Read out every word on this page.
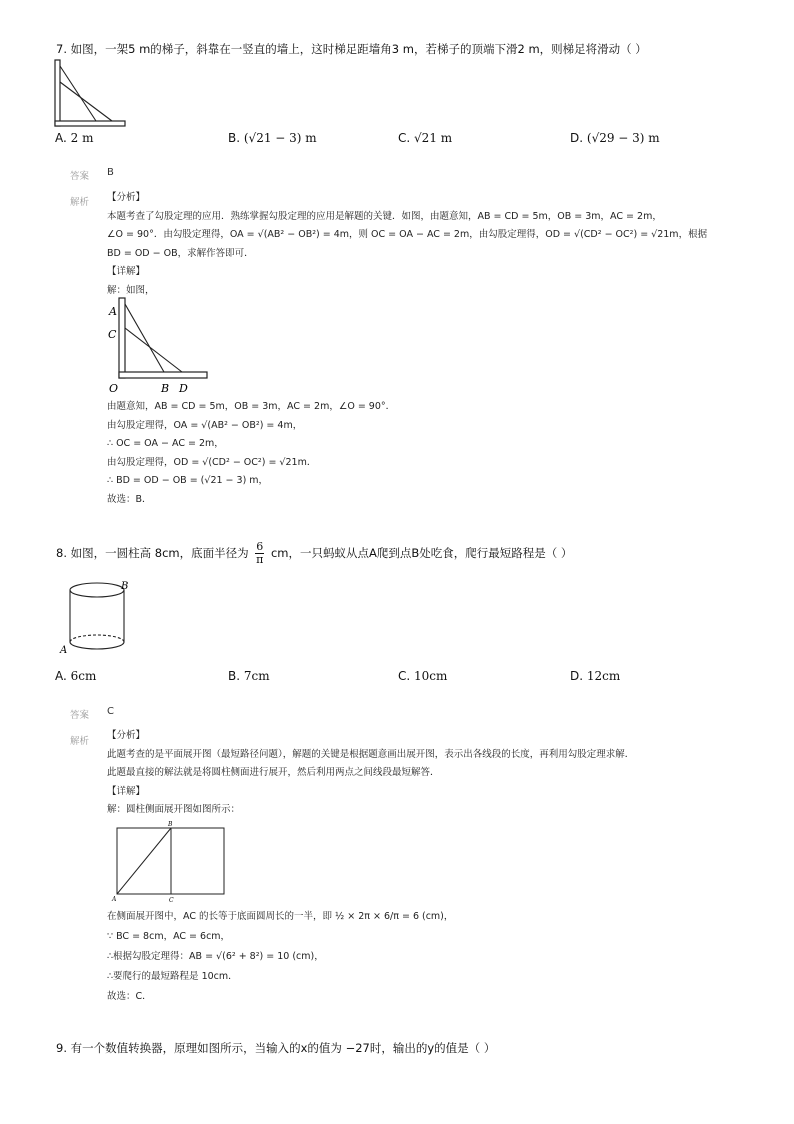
7. 如图，一架5 m的梯子，斜靠在一竖直的墙上，这时梯足距墙角3 m，若梯子的顶端下滑2 m，则梯足将滑动（ ）
A. 2 m	B. (√21 − 3) m	C. √21 m	D. (√29 − 3) m
答案 B
解析 【分析】
本题考查了勾股定理的应用．熟练掌握勾股定理的应用是解题的关键．如图，由题意知，AB = CD = 5m，OB = 3m，AC = 2m，
∠O = 90°．由勾股定理得，OA = √(AB² − OB²) = 4m，则 OC = OA − AC = 2m，由勾股定理得，OD = √(CD² − OC²) = √21m，根据
BD = OD − OB，求解作答即可．
【详解】
解：如图，
A
C
O	B D
由题意知，AB = CD = 5m，OB = 3m，AC = 2m，∠O = 90°．
由勾股定理得，OA = √(AB² − OB²) = 4m，
∴ OC = OA − AC = 2m，
由勾股定理得，OD = √(CD² − OC²) = √21m．
∴ BD = OD − OB = (√21 − 3) m，
故选：B．
8. 如图，一圆柱高 8cm，底面半径为 $\frac{6}{\pi}$ cm，一只蚂蚁从点A爬到点B处吃食，爬行最短路程是（ ）
B
A
A. 6cm	B. 7cm	C. 10cm	D. 12cm
答案 C
解析
【分析】
此题考查的是平面展开图（最短路径问题），解题的关键是根据题意画出展开图，表示出各线段的长度，再利用勾股定理求解．
此题最直接的解法就是将圆柱侧面进行展开，然后利用两点之间线段最短解答．
【详解】
解：圆柱侧面展开图如图所示：
B
A	C
在侧面展开图中，AC 的长等于底面圆周长的一半，即 ½ × 2π × 6/π = 6 (cm)，
∵ BC = 8cm，AC = 6cm，
∴根据勾股定理得：AB = √(6² + 8²) = 10 (cm)，
∴要爬行的最短路程是 10cm．
故选：C．
9. 有一个数值转换器，原理如图所示，当输入的x的值为 −27时，输出的y的值是（ ）
